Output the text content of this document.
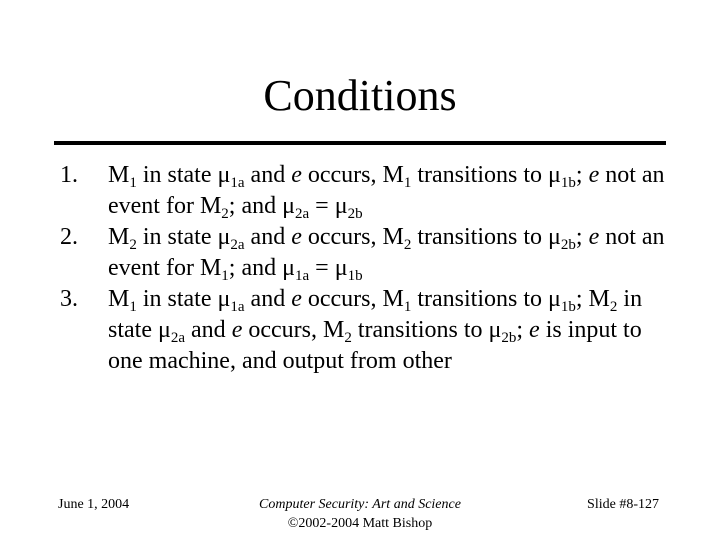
Conditions
1. $M_1$ in state $\mu_{1a}$ and e occurs, $M_1$ transitions to $\mu_{1b}$; e not an event for $M_2$; and $\mu_{2a} = \mu_{2b}$
2. $M_2$ in state $\mu_{2a}$ and e occurs, $M_2$ transitions to $\mu_{2b}$; e not an event for $M_1$; and $\mu_{1a} = \mu_{1b}$
3. $M_1$ in state $\mu_{1a}$ and e occurs, $M_1$ transitions to $\mu_{1b}$; $M_2$ in state $\mu_{2a}$ and e occurs, $M_2$ transitions to $\mu_{2b}$; e is input to one machine, and output from other
June 1, 2004	Computer Security: Art and Science
©2002-2004 Matt Bishop
Slide #8-127
